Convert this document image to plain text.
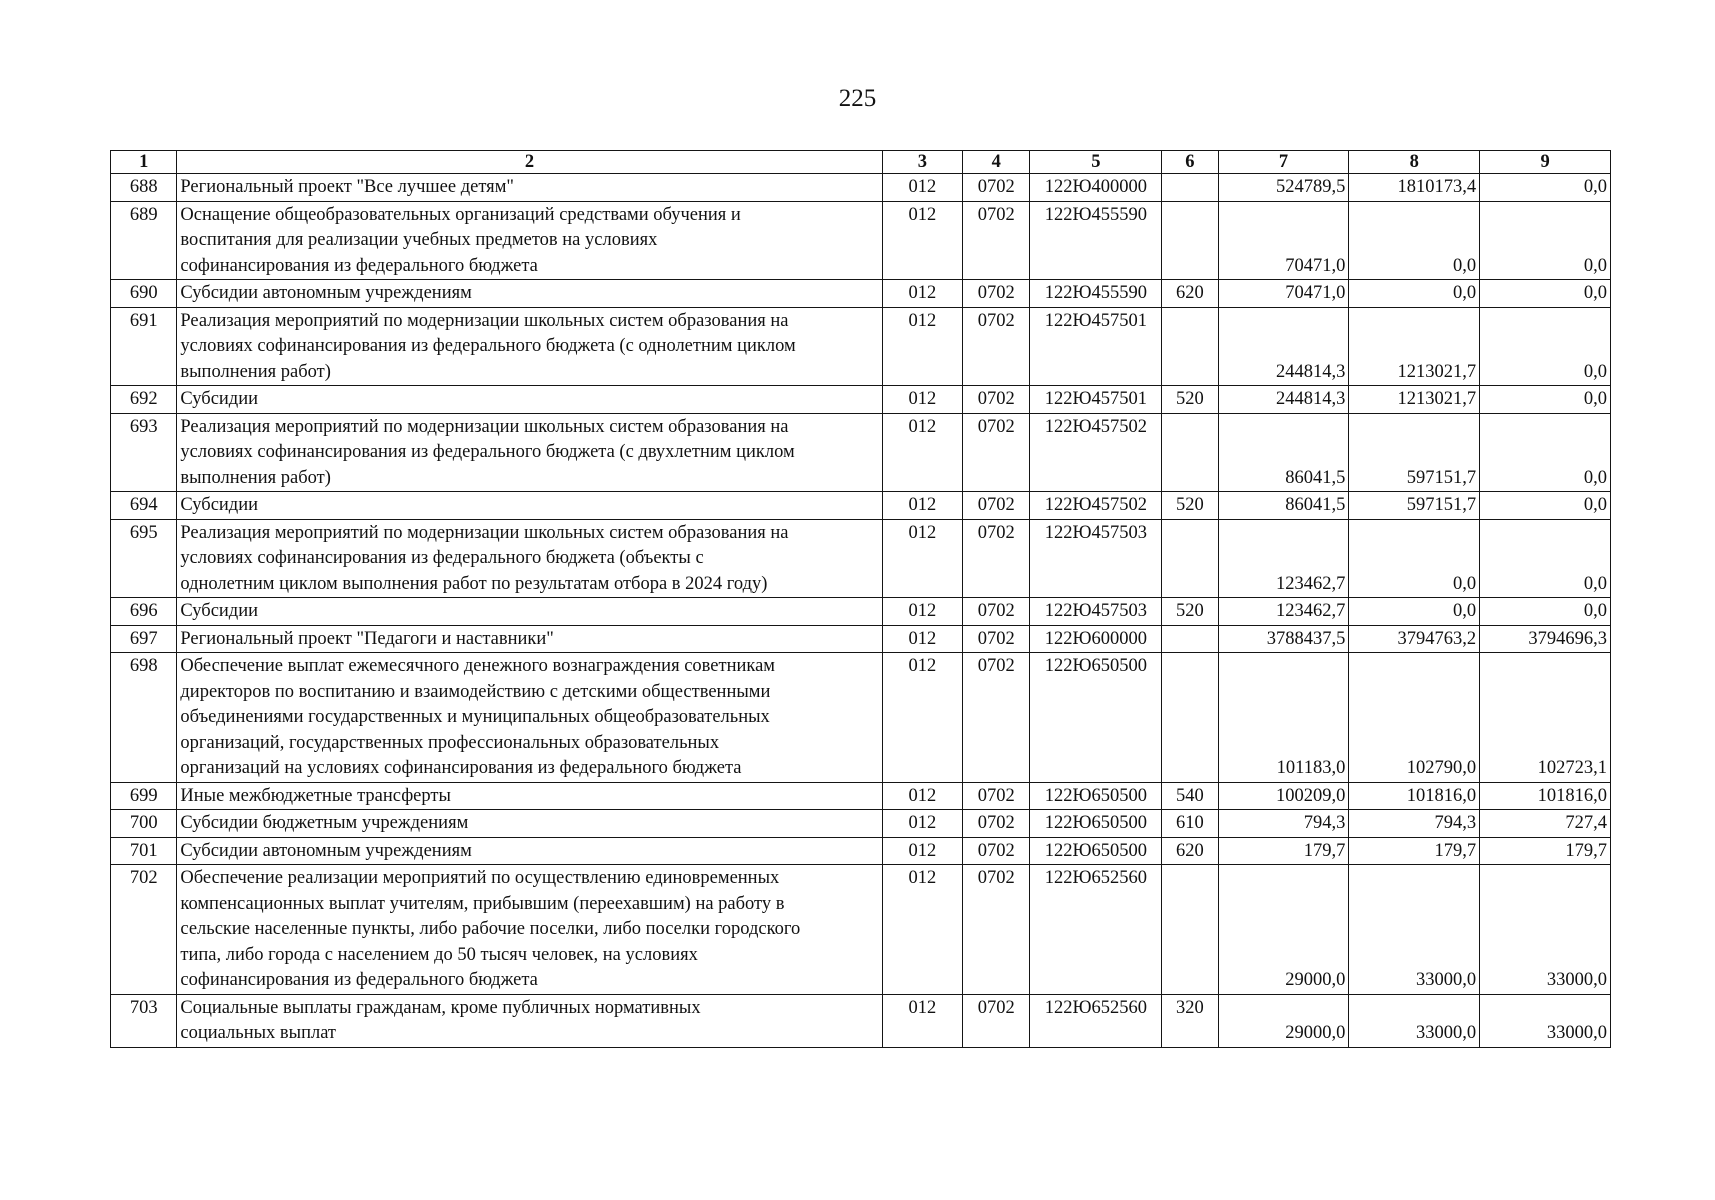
225
1	2	3	4	5	6	7	8	9
688	Региональный проект "Все лучшее детям"	012	0702	122Ю400000		524789,5	1810173,4	0,0
689	Оснащение общеобразовательных организаций средствами обучения и
воспитания для реализации учебных предметов на условиях
софинансирования из федерального бюджета	012	0702	122Ю455590		70471,0	0,0	0,0
690	Субсидии автономным учреждениям	012	0702	122Ю455590	620	70471,0	0,0	0,0
691	Реализация мероприятий по модернизации школьных систем образования на
условиях софинансирования из федерального бюджета (с однолетним циклом
выполнения работ)	012	0702	122Ю457501		244814,3	1213021,7	0,0
692	Субсидии	012	0702	122Ю457501	520	244814,3	1213021,7	0,0
693	Реализация мероприятий по модернизации школьных систем образования на
условиях софинансирования из федерального бюджета (с двухлетним циклом
выполнения работ)	012	0702	122Ю457502		86041,5	597151,7	0,0
694	Субсидии	012	0702	122Ю457502	520	86041,5	597151,7	0,0
695	Реализация мероприятий по модернизации школьных систем образования на
условиях софинансирования из федерального бюджета (объекты с
однолетним циклом выполнения работ по результатам отбора в 2024 году)	012	0702	122Ю457503		123462,7	0,0	0,0
696	Субсидии	012	0702	122Ю457503	520	123462,7	0,0	0,0
697	Региональный проект "Педагоги и наставники"	012	0702	122Ю600000		3788437,5	3794763,2	3794696,3
698	Обеспечение выплат ежемесячного денежного вознаграждения советникам
директоров по воспитанию и взаимодействию с детскими общественными
объединениями государственных и муниципальных общеобразовательных
организаций, государственных профессиональных образовательных
организаций на условиях софинансирования из федерального бюджета	012	0702	122Ю650500		101183,0	102790,0	102723,1
699	Иные межбюджетные трансферты	012	0702	122Ю650500	540	100209,0	101816,0	101816,0
700	Субсидии бюджетным учреждениям	012	0702	122Ю650500	610	794,3	794,3	727,4
701	Субсидии автономным учреждениям	012	0702	122Ю650500	620	179,7	179,7	179,7
702	Обеспечение реализации мероприятий по осуществлению единовременных
компенсационных выплат учителям, прибывшим (переехавшим) на работу в
сельские населенные пункты, либо рабочие поселки, либо поселки городского
типа, либо города с населением до 50 тысяч человек, на условиях
софинансирования из федерального бюджета	012	0702	122Ю652560		29000,0	33000,0	33000,0
703	Социальные выплаты гражданам, кроме публичных нормативных
социальных выплат	012	0702	122Ю652560	320	29000,0	33000,0	33000,0
